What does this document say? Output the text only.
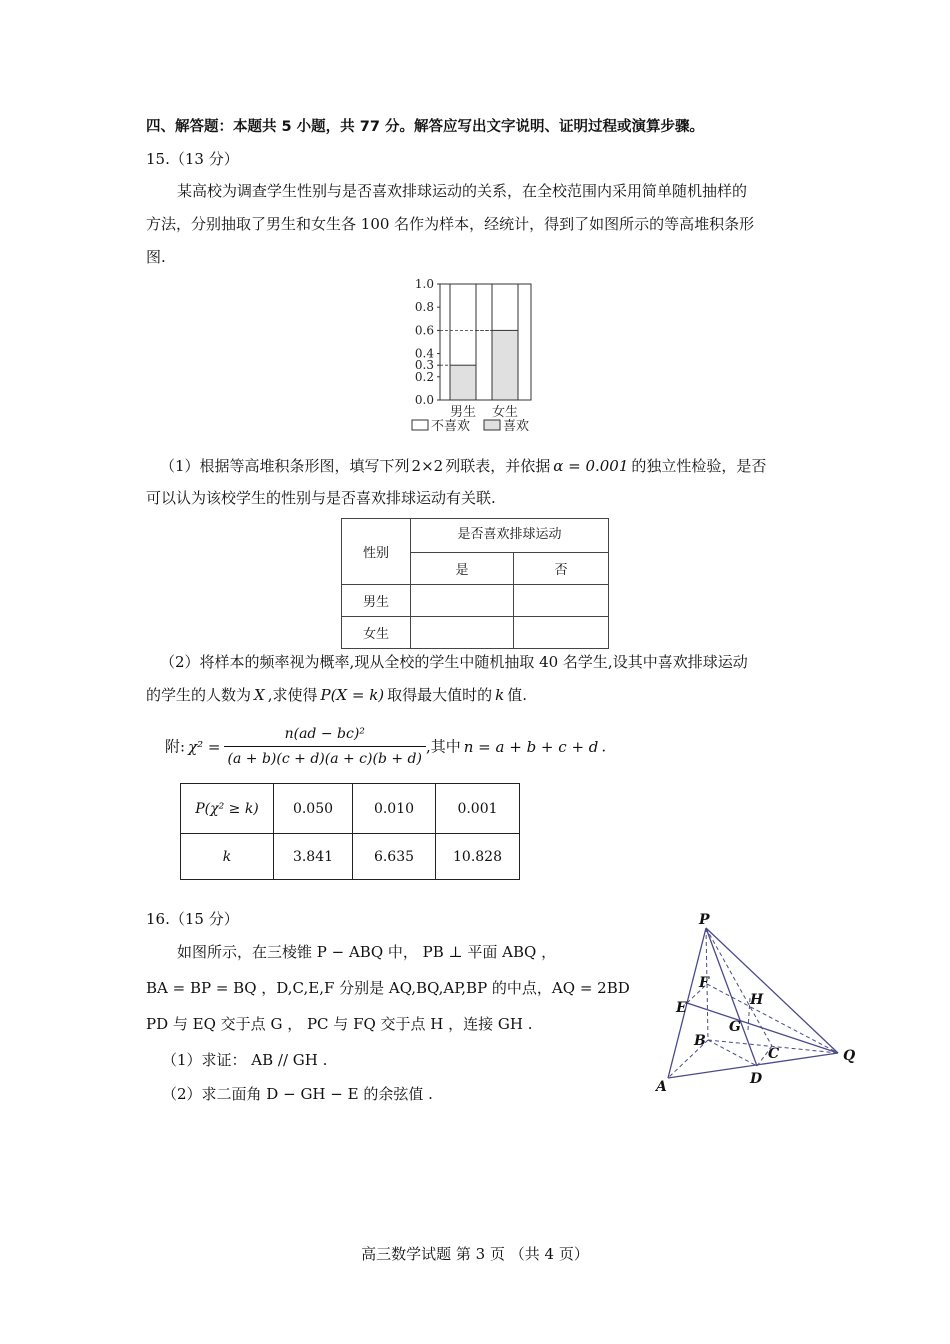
四、解答题：本题共 5 小题，共 77 分。解答应写出文字说明、证明过程或演算步骤。
15.（13 分）
某高校为调查学生性别与是否喜欢排球运动的关系，在全校范围内采用简单随机抽样的
方法，分别抽取了男生和女生各 100 名作为样本，经统计，得到了如图所示的等高堆积条形
图.
1.0
0.8
0.6
0.4
0.3
0.2
0.0
男生 女生
不喜欢	喜欢
（1）根据等高堆积条形图，填写下列 2×2 列联表，并依据 α = 0.001 的独立性检验，是否
可以认为该校学生的性别与是否喜欢排球运动有关联.
性别	是否喜欢排球运动	
	是	否
男生		
女生		
（2）将样本的频率视为概率,现从全校的学生中随机抽取 40 名学生,设其中喜欢排球运动
的学生的人数为 X ,求使得 P(X = k) 取得最大值时的 k 值.
附: $\chi^2 = \frac{\text{n(ad − bc)²}}{(a + b)(c + d)(a + c)(b + d)}$ ,其中 n = a + b + c + d .
P(χ² ≥ k)	0.050	0.010	0.001
k	3.841	6.635	10.828
16.（15 分）
如图所示，在三棱锥 P − ABQ 中， PB ⊥ 平面 ABQ ，
BA = BP = BQ ，D,C,E,F 分别是 AQ,BQ,AP,BP 的中点，AQ = 2BD
PD 与 EQ 交于点 G ， PC 与 FQ 交于点 H ，连接 GH .
（1）求证： AB // GH .
（2）求二面角 D − GH − E 的余弦值 .
P
F
H
E
G
B
C	Q
A	D
高三数学试题 第 3 页 （共 4 页）
